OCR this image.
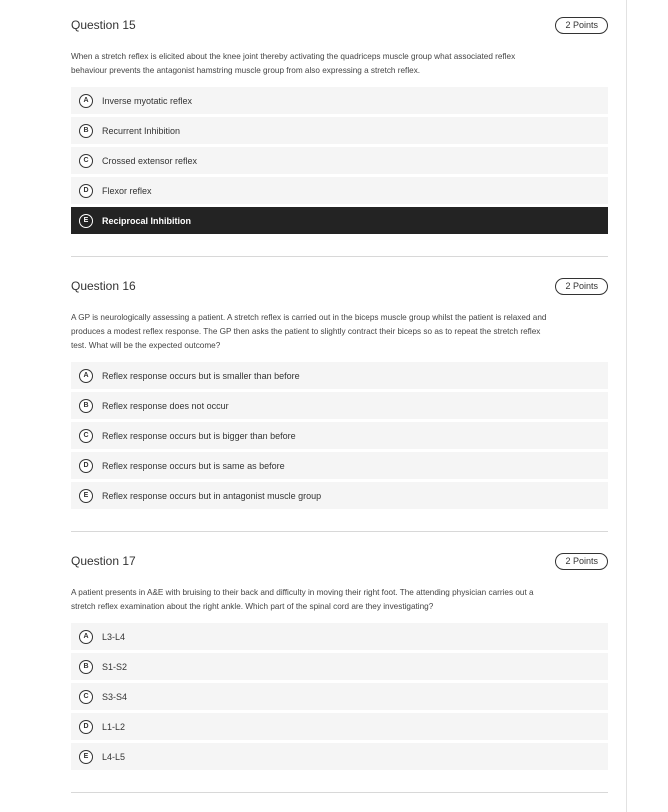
Question 15	2 Points

When a stretch reflex is elicited about the knee joint thereby activating the quadriceps muscle group what associated reflex
behaviour prevents the antagonist hamstring muscle group from also expressing a stretch reflex.

A	Inverse myotatic reflex
B	Recurrent Inhibition
C	Crossed extensor reflex
D	Flexor reflex
E	Reciprocal Inhibition
Question 16	2 Points

A GP is neurologically assessing a patient. A stretch reflex is carried out in the biceps muscle group whilst the patient is relaxed and
produces a modest reflex response. The GP then asks the patient to slightly contract their biceps so as to repeat the stretch reflex
test. What will be the expected outcome?

A	Reflex response occurs but is smaller than before
B	Reflex response does not occur
C	Reflex response occurs but is bigger than before
D	Reflex response occurs but is same as before
E	Reflex response occurs but in antagonist muscle group
Question 17	2 Points

A patient presents in A&E with bruising to their back and difficulty in moving their right foot. The attending physician carries out a
stretch reflex examination about the right ankle. Which part of the spinal cord are they investigating?

A	L3-L4
B	S1-S2
C	S3-S4
D	L1-L2
E	L4-L5
